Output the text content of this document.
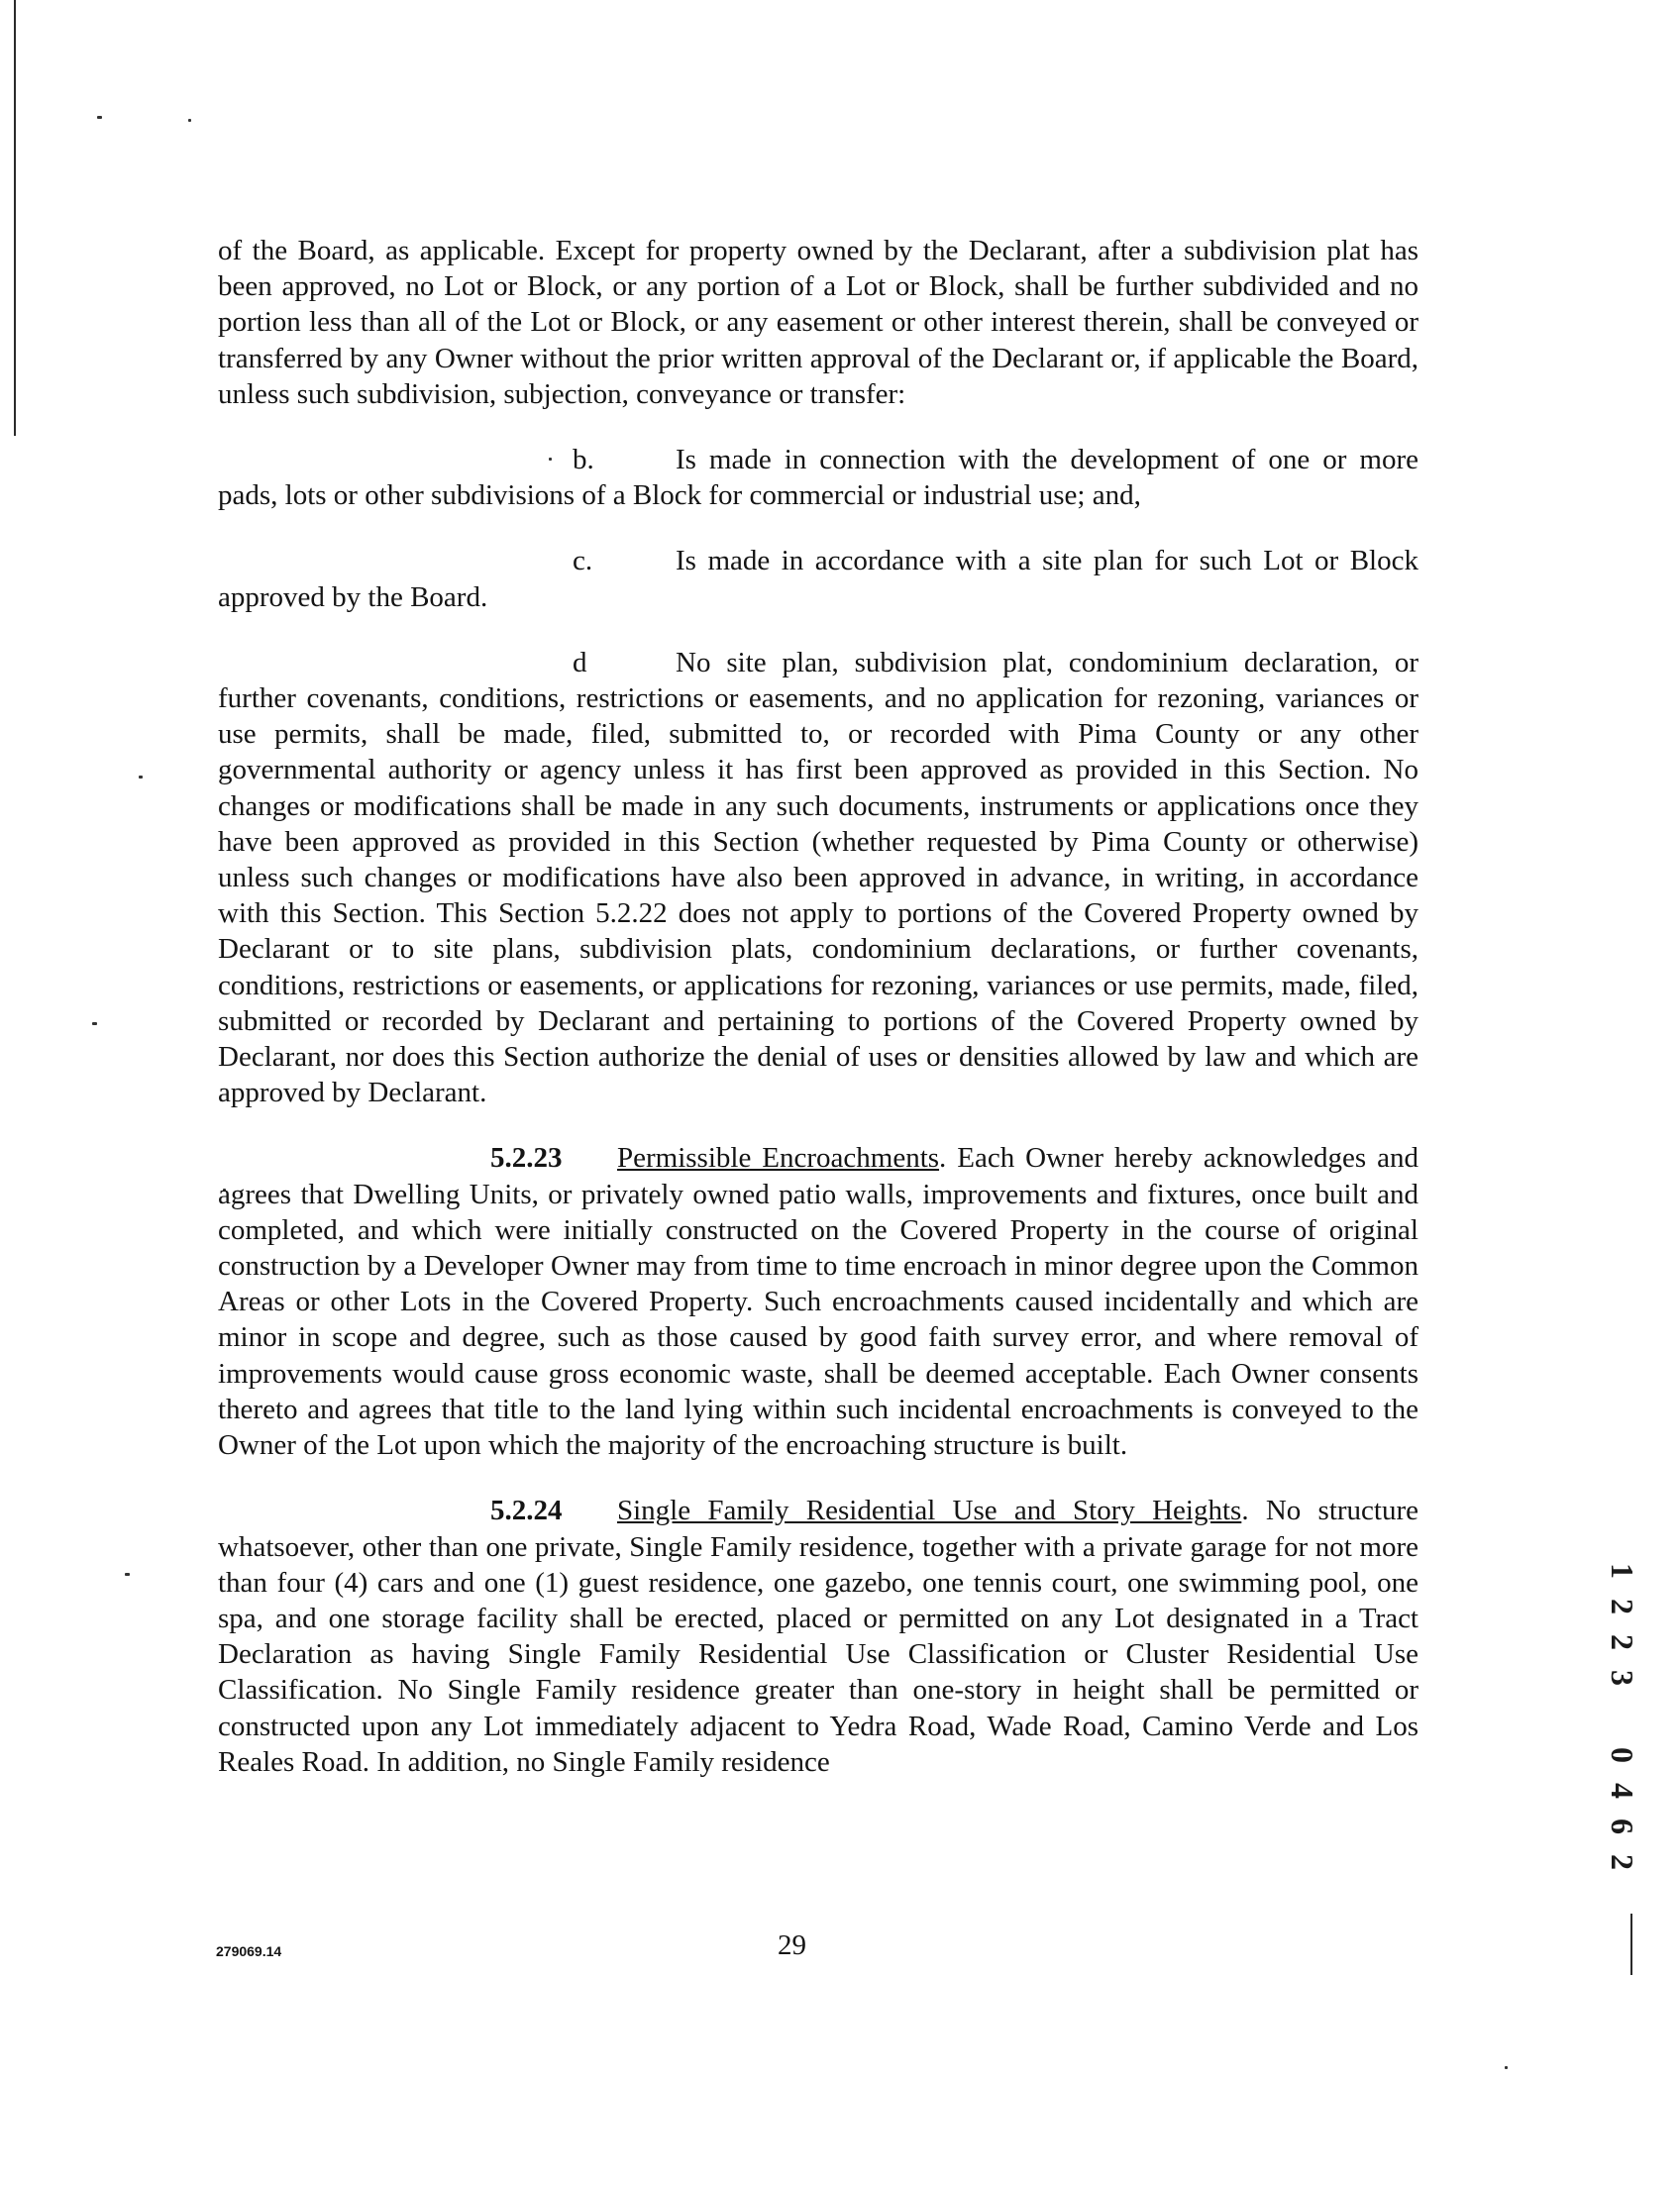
of the Board, as applicable. Except for property owned by the Declarant, after a subdivision plat has been approved, no Lot or Block, or any portion of a Lot or Block, shall be further subdivided and no portion less than all of the Lot or Block, or any easement or other interest therein, shall be conveyed or transferred by any Owner without the prior written approval of the Declarant or, if applicable the Board, unless such subdivision, subjection, conveyance or transfer:

b.	Is made in connection with the development of one or more pads, lots or other subdivisions of a Block for commercial or industrial use; and,

c.	Is made in accordance with a site plan for such Lot or Block approved by the Board.

d	No site plan, subdivision plat, condominium declaration, or further covenants, conditions, restrictions or easements, and no application for rezoning, variances or use permits, shall be made, filed, submitted to, or recorded with Pima County or any other governmental authority or agency unless it has first been approved as provided in this Section. No changes or modifications shall be made in any such documents, instruments or applications once they have been approved as provided in this Section (whether requested by Pima County or otherwise) unless such changes or modifications have also been approved in advance, in writing, in accordance with this Section. This Section 5.2.22 does not apply to portions of the Covered Property owned by Declarant or to site plans, subdivision plats, condominium declarations, or further covenants, conditions, restrictions or easements, or applications for rezoning, variances or use permits, made, filed, submitted or recorded by Declarant and pertaining to portions of the Covered Property owned by Declarant, nor does this Section authorize the denial of uses or densities allowed by law and which are approved by Declarant.

5.2.23 Permissible Encroachments. Each Owner hereby acknowledges and agrees that Dwelling Units, or privately owned patio walls, improvements and fixtures, once built and completed, and which were initially constructed on the Covered Property in the course of original construction by a Developer Owner may from time to time encroach in minor degree upon the Common Areas or other Lots in the Covered Property. Such encroachments caused incidentally and which are minor in scope and degree, such as those caused by good faith survey error, and where removal of improvements would cause gross economic waste, shall be deemed acceptable. Each Owner consents thereto and agrees that title to the land lying within such incidental encroachments is conveyed to the Owner of the Lot upon which the majority of the encroaching structure is built.

5.2.24 Single Family Residential Use and Story Heights. No structure whatsoever, other than one private, Single Family residence, together with a private garage for not more than four (4) cars and one (1) guest residence, one gazebo, one tennis court, one swimming pool, one spa, and one storage facility shall be erected, placed or permitted on any Lot designated in a Tract Declaration as having Single Family Residential Use Classification or Cluster Residential Use Classification. No Single Family residence greater than one-story in height shall be permitted or constructed upon any Lot immediately adjacent to Yedra Road, Wade Road, Camino Verde and Los Reales Road. In addition, no Single Family residence

279069.14	29
1
2
2
3
0
4
6
2
